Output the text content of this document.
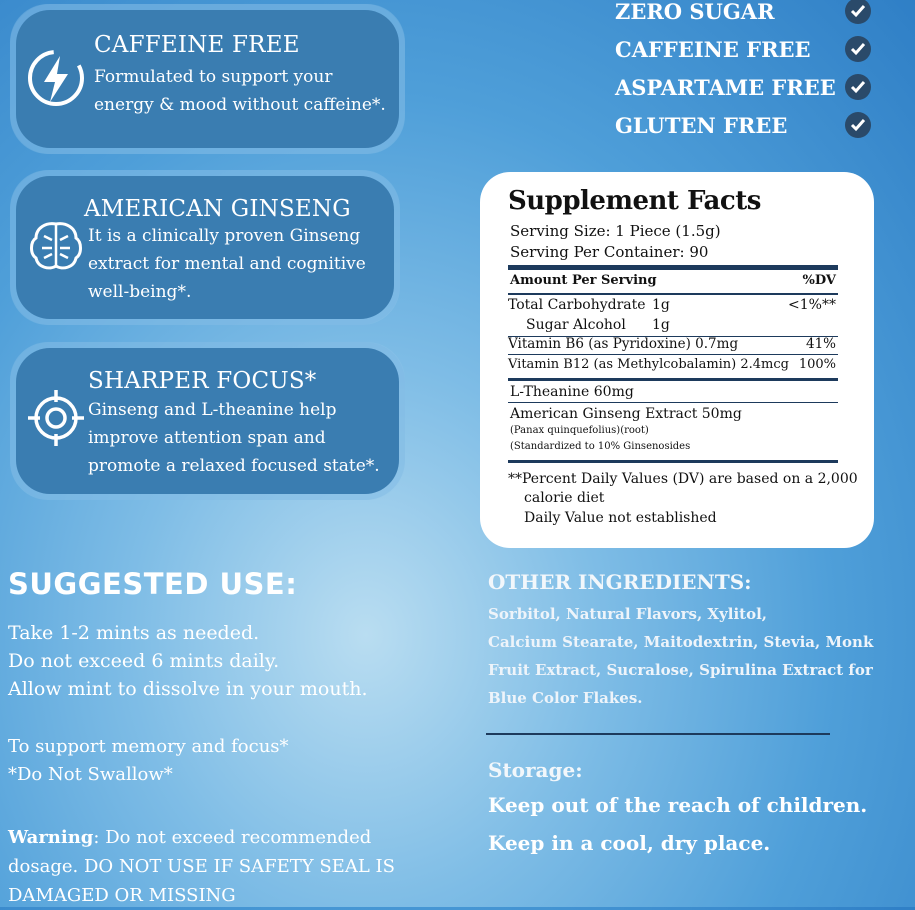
CAFFEINE FREE

Formulated to support your

energy & mood without caffeine*.

AMERICAN GINSENG

It is a clinically proven Ginseng

extract for mental and cognitive

well-being*.

SHARPER FOCUS*

Ginseng and L-theanine help

improve attention span and

promote a relaxed focused state*.

ZERO SUGAR
CAFFEINE FREE
ASPARTAME FREE
GLUTEN FREE
Supplement Facts
Serving Size: 1 Piece (1.5g)
Serving Per Container: 90
Amount Per Serving	%DV
Total Carbohydrate 1g	<1%**
Sugar Alcohol 1g
Vitamin B6 (as Pyridoxine) 0.7mg	41%
Vitamin B12 (as Methylcobalamin) 2.4mcg 100%
L-Theanine 60mg
American Ginseng Extract 50mg
(Panax quinquefolius)(root)
(Standardized to 10% Ginsenosides
**Percent Daily Values (DV) are based on a 2,000
calorie diet
Daily Value not established
SUGGESTED USE:
Take 1-2 mints as needed.
Do not exceed 6 mints daily.
Allow mint to dissolve in your mouth.
To support memory and focus*
*Do Not Swallow*
Warning: Do not exceed recommended
dosage. DO NOT USE IF SAFETY SEAL IS
DAMAGED OR MISSING
OTHER INGREDIENTS:
Sorbitol, Natural Flavors, Xylitol,
Calcium Stearate, Maitodextrin, Stevia, Monk
Fruit Extract, Sucralose, Spirulina Extract for
Blue Color Flakes.
Storage:
Keep out of the reach of children.
Keep in a cool, dry place.
